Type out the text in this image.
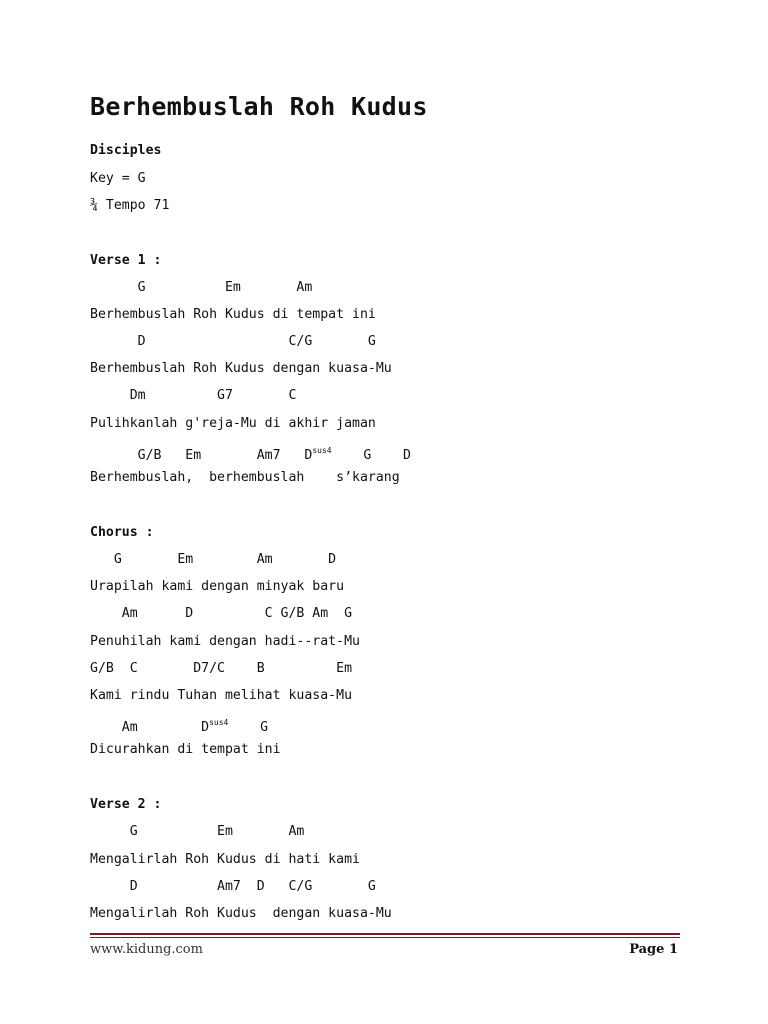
Berhembuslah Roh Kudus
Disciples
Key = G
¾ Tempo 71
Verse 1 :
G          Em       Am
Berhembuslah Roh Kudus di tempat ini
D                  C/G       G
Berhembuslah Roh Kudus dengan kuasa-Mu
Dm         G7       C
Pulihkanlah g'reja-Mu di akhir jaman
G/B   Em       Am7   $D^{sus4}$    G    D
Berhembuslah,  berhembuslah    s’karang
Chorus :
G       Em        Am       D
Urapilah kami dengan minyak baru
Am      D         C G/B Am  G
Penuhilah kami dengan hadi--rat-Mu
G/B  C       D7/C    B         Em
Kami rindu Tuhan melihat kuasa-Mu
Am        $D^{sus4}$    G
Dicurahkan di tempat ini
Verse 2 :
G          Em       Am
Mengalirlah Roh Kudus di hati kami
D          Am7  D   C/G       G
Mengalirlah Roh Kudus  dengan kuasa-Mu
www.kidung.com	Page 1
